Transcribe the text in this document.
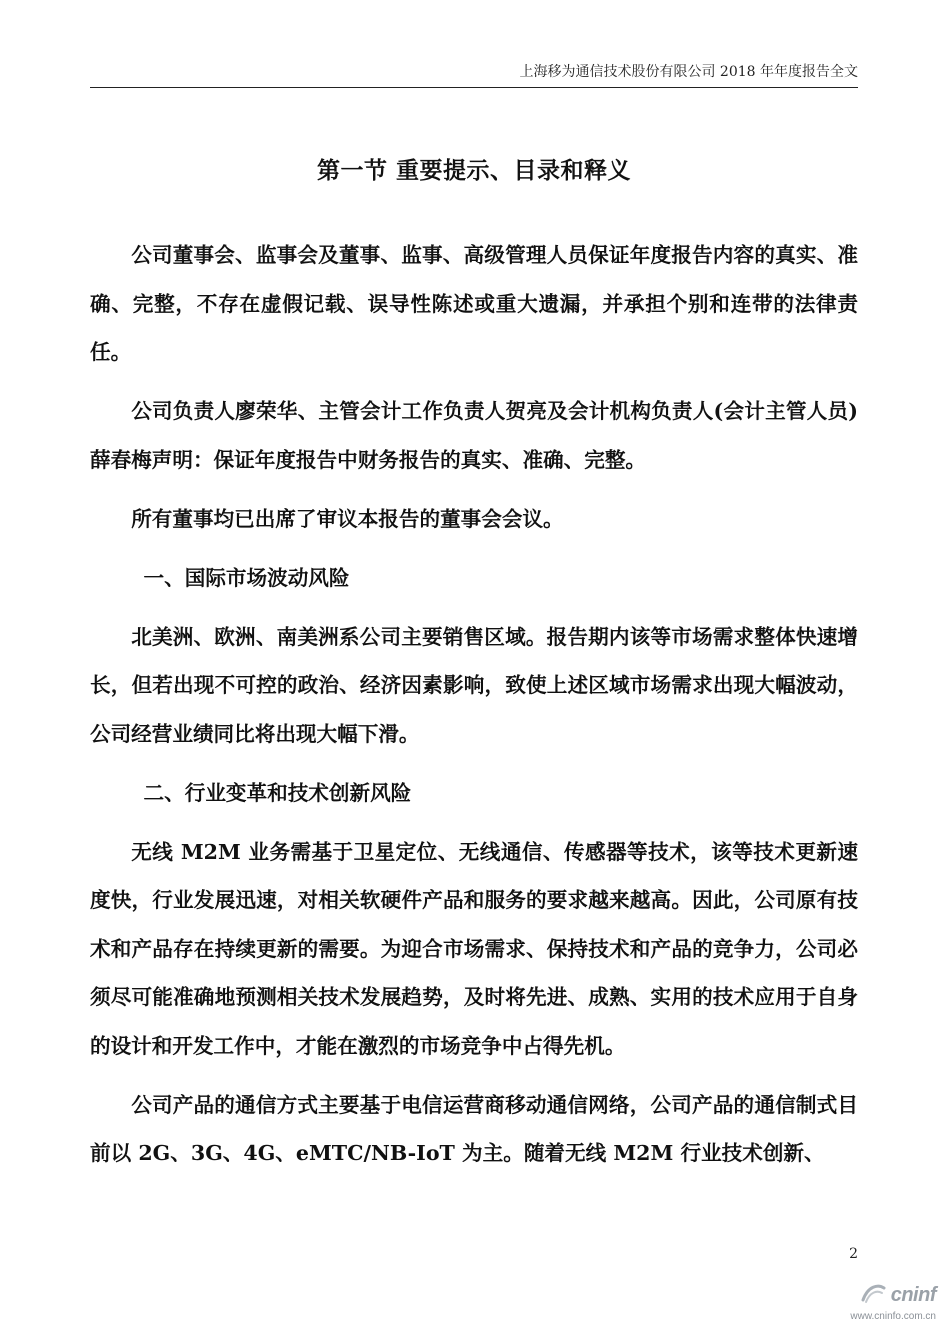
上海移为通信技术股份有限公司 2018 年年度报告全文
第一节 重要提示、目录和释义

公司董事会、监事会及董事、监事、高级管理人员保证年度报告内容的真实、准确、完整，不存在虚假记载、误导性陈述或重大遗漏，并承担个别和连带的法律责任。

公司负责人廖荣华、主管会计工作负责人贺亮及会计机构负责人(会计主管人员)薛春梅声明：保证年度报告中财务报告的真实、准确、完整。

所有董事均已出席了审议本报告的董事会会议。

一、国际市场波动风险

北美洲、欧洲、南美洲系公司主要销售区域。报告期内该等市场需求整体快速增长，但若出现不可控的政治、经济因素影响，致使上述区域市场需求出现大幅波动，公司经营业绩同比将出现大幅下滑。

二、行业变革和技术创新风险

无线 M2M 业务需基于卫星定位、无线通信、传感器等技术，该等技术更新速度快，行业发展迅速，对相关软硬件产品和服务的要求越来越高。因此，公司原有技术和产品存在持续更新的需要。为迎合市场需求、保持技术和产品的竞争力，公司必须尽可能准确地预测相关技术发展趋势，及时将先进、成熟、实用的技术应用于自身的设计和开发工作中，才能在激烈的市场竞争中占得先机。

公司产品的通信方式主要基于电信运营商移动通信网络，公司产品的通信制式目前以 2G、3G、4G、eMTC/NB-IoT 为主。随着无线 M2M 行业技术创新、

2
cninf
www.cninfo.com.cn
